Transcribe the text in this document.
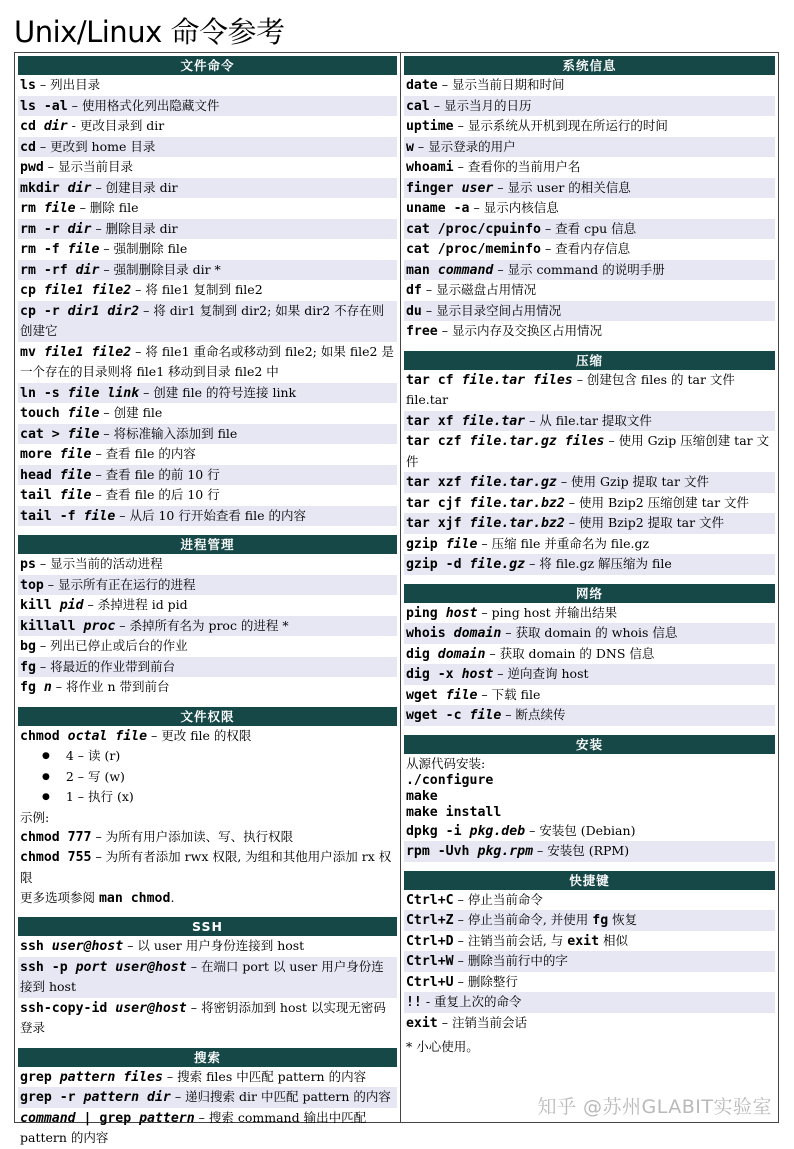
Unix/Linux 命令参考
文件命令
ls – 列出目录
ls -al – 使用格式化列出隐藏文件
cd dir - 更改目录到 dir
cd – 更改到 home 目录
pwd – 显示当前目录
mkdir dir – 创建目录 dir
rm file – 删除 file
rm -r dir – 删除目录 dir
rm -f file – 强制删除 file
rm -rf dir – 强制删除目录 dir *
cp file1 file2 – 将 file1 复制到 file2
cp -r dir1 dir2 – 将 dir1 复制到 dir2; 如果 dir2 不存在则创建它
mv file1 file2 – 将 file1 重命名或移动到 file2; 如果 file2 是一个存在的目录则将 file1 移动到目录 file2 中
ln -s file link – 创建 file 的符号连接 link
touch file – 创建 file
cat > file – 将标准输入添加到 file
more file – 查看 file 的内容
head file – 查看 file 的前 10 行
tail file – 查看 file 的后 10 行
tail -f file – 从后 10 行开始查看 file 的内容
进程管理
ps – 显示当前的活动进程
top – 显示所有正在运行的进程
kill pid – 杀掉进程 id pid
killall proc – 杀掉所有名为 proc 的进程 *
bg – 列出已停止或后台的作业
fg – 将最近的作业带到前台
fg n – 将作业 n 带到前台
文件权限
chmod octal file – 更改 file 的权限
● 4 – 读 (r)
● 2 – 写 (w)
● 1 – 执行 (x)
示例:
chmod 777 – 为所有用户添加读、写、执行权限
chmod 755 – 为所有者添加 rwx 权限, 为组和其他用户添加 rx 权限
更多选项参阅 man chmod.
SSH
ssh user@host – 以 user 用户身份连接到 host
ssh -p port user@host – 在端口 port 以 user 用户身份连接到 host
ssh-copy-id user@host – 将密钥添加到 host 以实现无密码登录
搜索
grep pattern files – 搜索 files 中匹配 pattern 的内容
grep -r pattern dir – 递归搜索 dir 中匹配 pattern 的内容
command | grep pattern – 搜索 command 输出中匹配 pattern 的内容
系统信息
date – 显示当前日期和时间
cal – 显示当月的日历
uptime – 显示系统从开机到现在所运行的时间
w – 显示登录的用户
whoami – 查看你的当前用户名
finger user – 显示 user 的相关信息
uname -a – 显示内核信息
cat /proc/cpuinfo – 查看 cpu 信息
cat /proc/meminfo – 查看内存信息
man command – 显示 command 的说明手册
df – 显示磁盘占用情况
du – 显示目录空间占用情况
free – 显示内存及交换区占用情况
压缩
tar cf file.tar files – 创建包含 files 的 tar 文件 file.tar
tar xf file.tar – 从 file.tar 提取文件
tar czf file.tar.gz files – 使用 Gzip 压缩创建 tar 文件
tar xzf file.tar.gz – 使用 Gzip 提取 tar 文件
tar cjf file.tar.bz2 – 使用 Bzip2 压缩创建 tar 文件
tar xjf file.tar.bz2 – 使用 Bzip2 提取 tar 文件
gzip file – 压缩 file 并重命名为 file.gz
gzip -d file.gz – 将 file.gz 解压缩为 file
网络
ping host – ping host 并输出结果
whois domain – 获取 domain 的 whois 信息
dig domain – 获取 domain 的 DNS 信息
dig -x host – 逆向查询 host
wget file – 下载 file
wget -c file – 断点续传
安装
从源代码安装:
./configure
make
make install
dpkg -i pkg.deb – 安装包 (Debian)
rpm -Uvh pkg.rpm – 安装包 (RPM)
快捷键
Ctrl+C – 停止当前命令
Ctrl+Z – 停止当前命令, 并使用 fg 恢复
Ctrl+D – 注销当前会话, 与 exit 相似
Ctrl+W – 删除当前行中的字
Ctrl+U – 删除整行
!! - 重复上次的命令
exit – 注销当前会话
* 小心使用。
知乎 @苏州GLABIT实验室
